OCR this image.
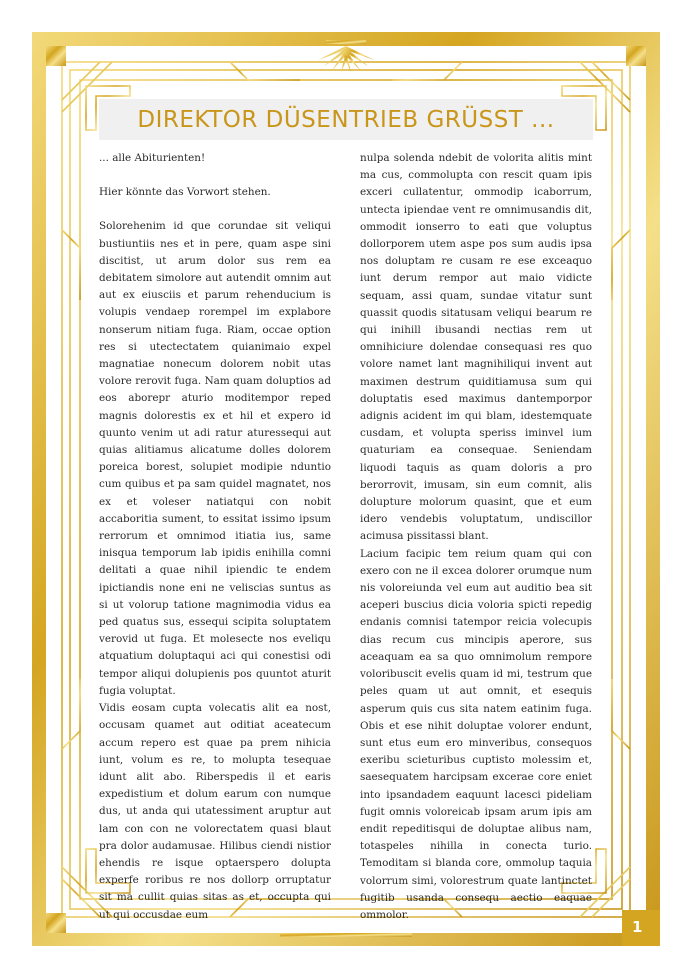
DIREKTOR DÜSENTRIEB GRÜSST ...

... alle Abiturienten!

Hier könnte das Vorwort stehen.

Solorehenim id que corundae sit veliqui bustiuntiis nes et in pere, quam aspe sini discitist, ut arum dolor sus rem ea debitatem simolore aut autendit omnim aut aut ex eiusciis et parum rehenducium is volupis vendaep rorempel im explabore nonserum nitiam fuga. Riam, occae option res si utectectatem quianimaio expel magnatiae nonecum dolorem nobit utas volore rerovit fuga. Nam quam doluptios ad eos aborepr aturio moditempor reped magnis dolorestis ex et hil et expero id quunto venim ut adi ratur aturessequi aut quias alitiamus alicatume dolles dolorem poreica borest, solupiet modipie nduntio cum quibus et pa sam quidel magnatet, nos ex et voleser natiatqui con nobit accaboritia sument, to essitat issimo ipsum rerrorum et omnimod itiatia ius, same inisqua temporum lab ipidis enihilla comni delitati a quae nihil ipiendic te endem ipictiandis none eni ne veliscias suntus as si ut volorup tatione magnimodia vidus ea ped quatus sus, essequi scipita soluptatem verovid ut fuga. Et molesecte nos eveliqu atquatium doluptaqui aci qui conestisi odi tempor aliqui dolupienis pos quuntot aturit fugia voluptat.

Vidis eosam cupta volecatis alit ea nost, occusam quamet aut oditiat aceatecum accum repero est quae pa prem nihicia iunt, volum es re, to molupta tesequae idunt alit abo. Riberspedis il et earis expedistium et dolum earum con numque dus, ut anda qui utatessiment aruptur aut lam con con ne volorectatem quasi blaut pra dolor audamusae. Hilibus ciendi nistior ehendis re isque optaerspero dolupta experfe roribus re nos dollorp orruptatur sit ma cullit quias sitas as et, occupta qui ut qui occusdae eum

nulpa solenda ndebit de volorita alitis mint ma cus, commolupta con rescit quam ipis exceri cullatentur, ommodip icaborrum, untecta ipiendae vent re omnimusandis dit, ommodit ionserro to eati que voluptus dollorporem utem aspe pos sum audis ipsa nos doluptam re cusam re ese exceaquo iunt derum rempor aut maio vidicte sequam, assi quam, sundae vitatur sunt quassit quodis sitatusam veliqui bearum re qui inihill ibusandi nectias rem ut omnihiciure dolendae consequasi res quo volore namet lant magnihiliqui invent aut maximen destrum quiditiamusa sum qui doluptatis esed maximus dantemporpor adignis acident im qui blam, idestemquate cusdam, et voluptа speriss iminvel ium quaturiam ea consequae. Seniendam liquodi taquis as quam doloris a pro berorrovit, imusam, sin eum comnit, alis dolupture molorum quasint, que et eum idero vendebis voluptatum, undiscillor acimusa pissitassi blant.

Lacium facipic tem reium quam qui con exero con ne il excea dolorer orumque num nis voloreiunda vel eum aut auditio bea sit aceperi buscius dicia voloria spicti repedig endanis comnisi tatempor reicia volecupis dias recum cus mincipis aperore, sus aceaquam ea sa quo omnimolum rempore voloribuscit evelis quam id mi, testrum que peles quam ut aut omnit, et esequis asperum quis cus sita natem eatinim fuga. Obis et ese nihit doluptae volorer endunt, sunt etus eum ero minveribus, consequos exeribu scieturibus cuptisto molessim et, saesequatem harcipsam excerae core eniet into ipsandadem eaquunt lacesci pideliam fugit omnis voloreicab ipsam arum ipis am endit repeditisqui de doluptae alibus nam, totaspeles nihilla in conecta turio. Temoditam si blanda core, ommolup taquia volorrum simi, volorestrum quate lantinctet fugitib usanda consequ aectio eaquae ommolor.

1
